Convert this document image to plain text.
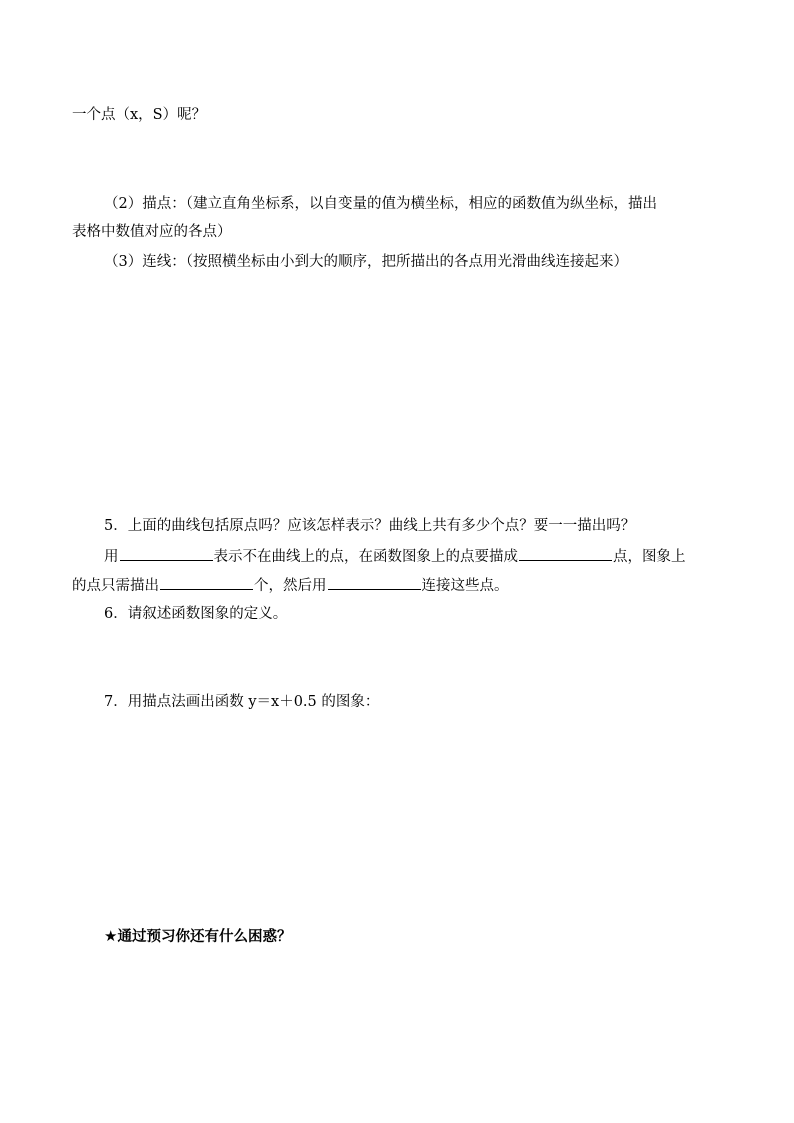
一个点（x，S）呢？
（2）描点：（建立直角坐标系，以自变量的值为横坐标，相应的函数值为纵坐标，描出
表格中数值对应的各点）
（3）连线：（按照横坐标由小到大的顺序，把所描出的各点用光滑曲线连接起来）
5．上面的曲线包括原点吗？应该怎样表示？曲线上共有多少个点？要一一描出吗？
用	表示不在曲线上的点，在函数图象上的点要描成	点，图象上
的点只需描出	个，然后用	连接这些点。
6．请叙述函数图象的定义。
7．用描点法画出函数 y＝x＋0.5 的图象：
★通过预习你还有什么困惑？
